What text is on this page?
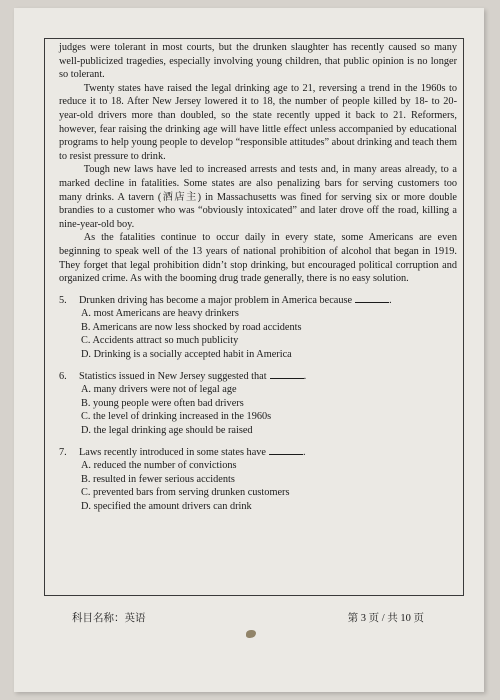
judges were tolerant in most courts, but the drunken slaughter has recently caused so many well-publicized tragedies, especially involving young children, that public opinion is no longer so tolerant.

Twenty states have raised the legal drinking age to 21, reversing a trend in the 1960s to reduce it to 18. After New Jersey lowered it to 18, the number of people killed by 18- to 20-year-old drivers more than doubled, so the state recently upped it back to 21. Reformers, however, fear raising the drinking age will have little effect unless accompanied by educational programs to help young people to develop “responsible attitudes” about drinking and teach them to resist pressure to drink.

Tough new laws have led to increased arrests and tests and, in many areas already, to a marked decline in fatalities. Some states are also penalizing bars for serving customers too many drinks. A tavern (酒店主) in Massachusetts was fined for serving six or more double brandies to a customer who was “obviously intoxicated” and later drove off the road, killing a nine-year-old boy.

As the fatalities continue to occur daily in every state, some Americans are even beginning to speak well of the 13 years of national prohibition of alcohol that began in 1919. They forget that legal prohibition didn’t stop drinking, but encouraged political corruption and organized crime. As with the booming drug trade generally, there is no easy solution.

5.	Drunken driving has become a major problem in America because	.
A. most Americans are heavy drinkers
B. Americans are now less shocked by road accidents
C. Accidents attract so much publicity
D. Drinking is a socially accepted habit in America
6.	Statistics issued in New Jersey suggested that	.
A. many drivers were not of legal age
B. young people were often bad drivers
C. the level of drinking increased in the 1960s
D. the legal drinking age should be raised
7.	Laws recently introduced in some states have	.
A. reduced the number of convictions
B. resulted in fewer serious accidents
C. prevented bars from serving drunken customers
D. specified the amount drivers can drink
科目名称：英语	第 3 页 / 共 10 页
